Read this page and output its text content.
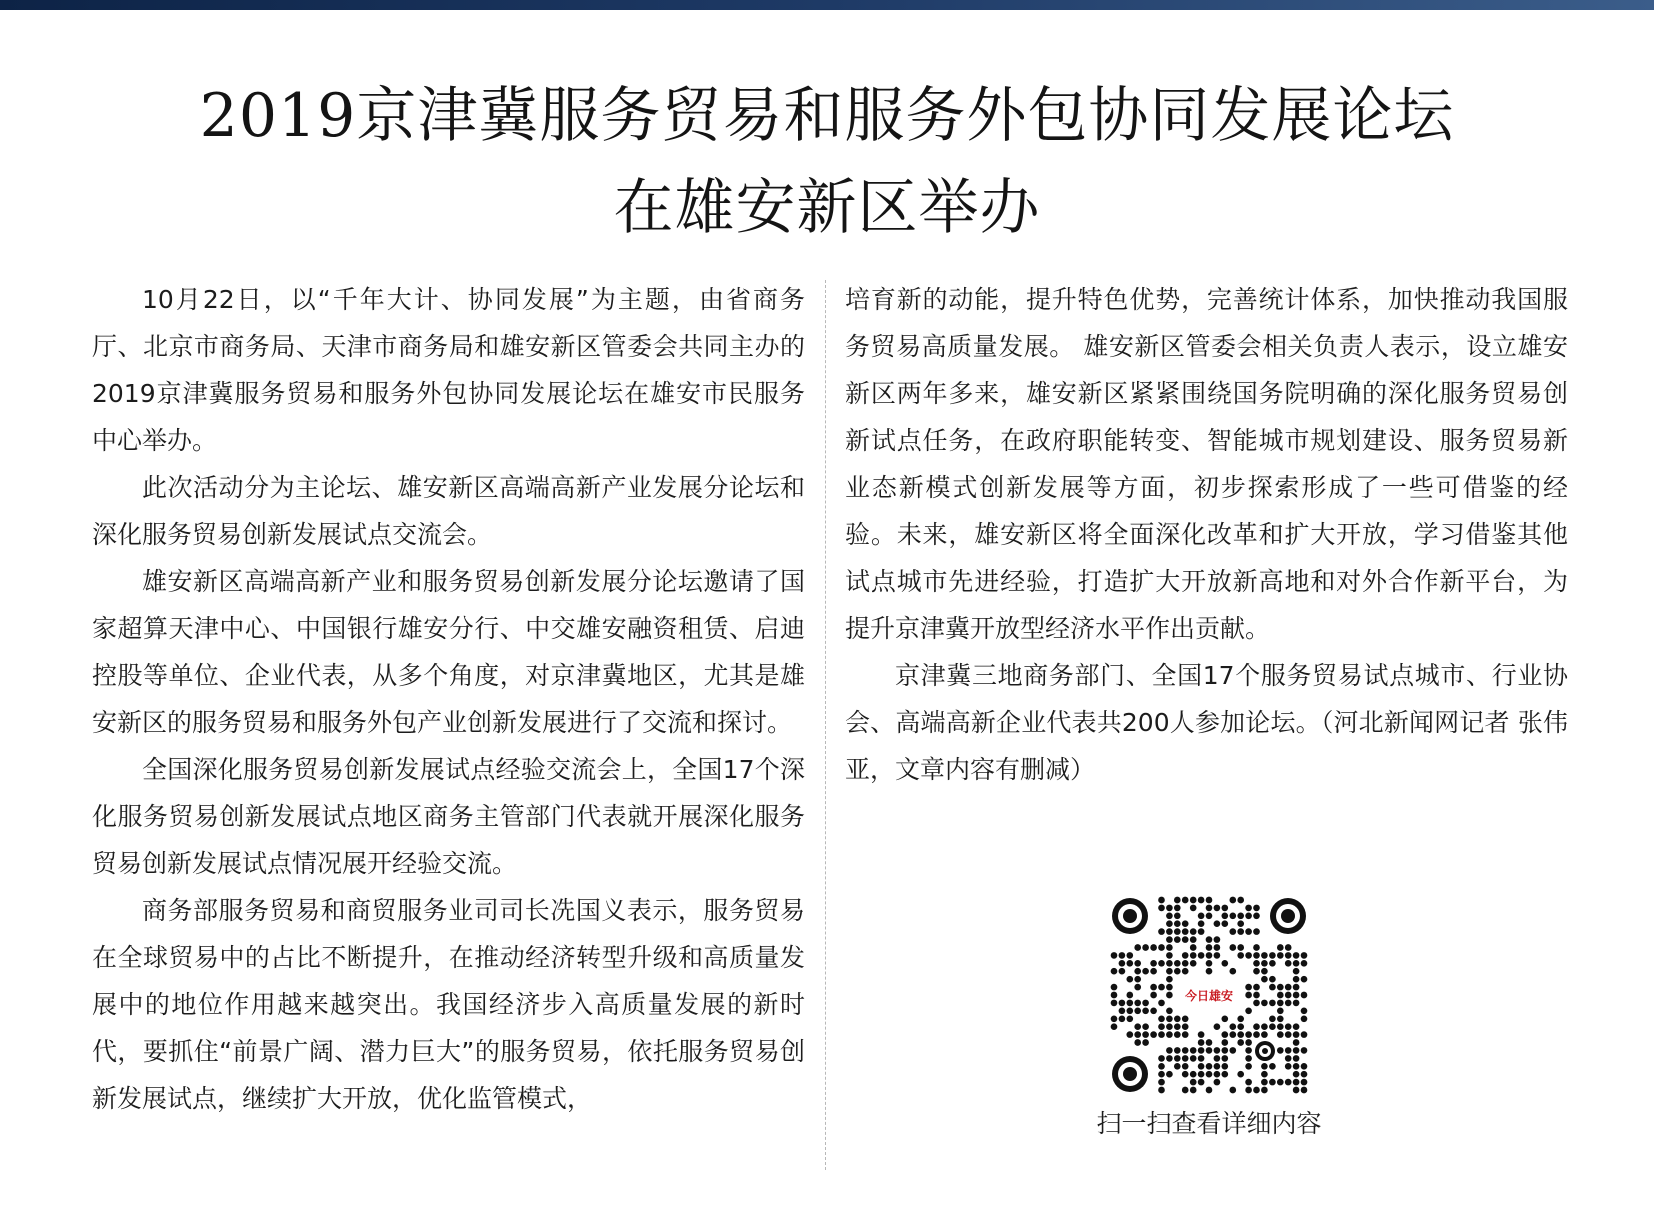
2019京津冀服务贸易和服务外包协同发展论坛
在雄安新区举办

10月22日，以“千年大计、协同发展”为主题，由省商务厅、北京市商务局、天津市商务局和雄安新区管委会共同主办的2019京津冀服务贸易和服务外包协同发展论坛在雄安市民服务中心举办。

此次活动分为主论坛、雄安新区高端高新产业发展分论坛和深化服务贸易创新发展试点交流会。

雄安新区高端高新产业和服务贸易创新发展分论坛邀请了国家超算天津中心、中国银行雄安分行、中交雄安融资租赁、启迪控股等单位、企业代表，从多个角度，对京津冀地区，尤其是雄安新区的服务贸易和服务外包产业创新发展进行了交流和探讨。

全国深化服务贸易创新发展试点经验交流会上，全国17个深化服务贸易创新发展试点地区商务主管部门代表就开展深化服务贸易创新发展试点情况展开经验交流。

商务部服务贸易和商贸服务业司司长冼国义表示，服务贸易在全球贸易中的占比不断提升，在推动经济转型升级和高质量发展中的地位作用越来越突出。我国经济步入高质量发展的新时代，要抓住“前景广阔、潜力巨大”的服务贸易，依托服务贸易创新发展试点，继续扩大开放，优化监管模式，

培育新的动能，提升特色优势，完善统计体系，加快推动我国服务贸易高质量发展。 雄安新区管委会相关负责人表示，设立雄安新区两年多来，雄安新区紧紧围绕国务院明确的深化服务贸易创新试点任务，在政府职能转变、智能城市规划建设、服务贸易新业态新模式创新发展等方面，初步探索形成了一些可借鉴的经验。未来，雄安新区将全面深化改革和扩大开放，学习借鉴其他试点城市先进经验，打造扩大开放新高地和对外合作新平台，为提升京津冀开放型经济水平作出贡献。

京津冀三地商务部门、全国17个服务贸易试点城市、行业协会、高端高新企业代表共200人参加论坛。（河北新闻网记者 张伟亚，文章内容有删减）

今日雄安
扫一扫查看详细内容
